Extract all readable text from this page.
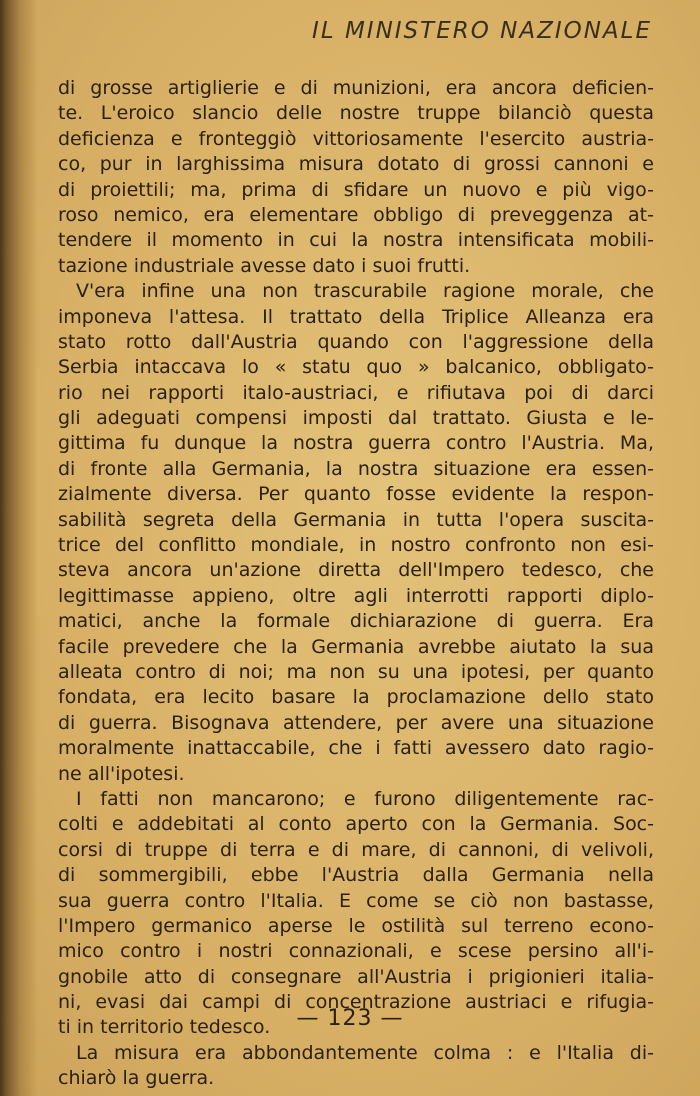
IL MINISTERO NAZIONALE
di grosse artiglierie e di munizioni, era ancora deficien-
te. L'eroico slancio delle nostre truppe bilanciò questa
deficienza e fronteggiò vittoriosamente l'esercito austria-
co, pur in larghissima misura dotato di grossi cannoni e
di proiettili; ma, prima di sfidare un nuovo e più vigo-
roso nemico, era elementare obbligo di preveggenza at-
tendere il momento in cui la nostra intensificata mobili-
tazione industriale avesse dato i suoi frutti.
V'era infine una non trascurabile ragione morale, che
imponeva l'attesa. Il trattato della Triplice Alleanza era
stato rotto dall'Austria quando con l'aggressione della
Serbia intaccava lo « statu quo » balcanico, obbligato-
rio nei rapporti italo-austriaci, e rifiutava poi di darci
gli adeguati compensi imposti dal trattato. Giusta e le-
gittima fu dunque la nostra guerra contro l'Austria. Ma,
di fronte alla Germania, la nostra situazione era essen-
zialmente diversa. Per quanto fosse evidente la respon-
sabilità segreta della Germania in tutta l'opera suscita-
trice del conflitto mondiale, in nostro confronto non esi-
steva ancora un'azione diretta dell'Impero tedesco, che
legittimasse appieno, oltre agli interrotti rapporti diplo-
matici, anche la formale dichiarazione di guerra. Era
facile prevedere che la Germania avrebbe aiutato la sua
alleata contro di noi; ma non su una ipotesi, per quanto
fondata, era lecito basare la proclamazione dello stato
di guerra. Bisognava attendere, per avere una situazione
moralmente inattaccabile, che i fatti avessero dato ragio-
ne all'ipotesi.
I fatti non mancarono; e furono diligentemente rac-
colti e addebitati al conto aperto con la Germania. Soc-
corsi di truppe di terra e di mare, di cannoni, di velivoli,
di sommergibili, ebbe l'Austria dalla Germania nella
sua guerra contro l'Italia. E come se ciò non bastasse,
l'Impero germanico aperse le ostilità sul terreno econo-
mico contro i nostri connazionali, e scese persino all'i-
gnobile atto di consegnare all'Austria i prigionieri italia-
ni, evasi dai campi di concentrazione austriaci e rifugia-
ti in territorio tedesco.
La misura era abbondantemente colma : e l'Italia di-
chiarò la guerra.
— 123 —
